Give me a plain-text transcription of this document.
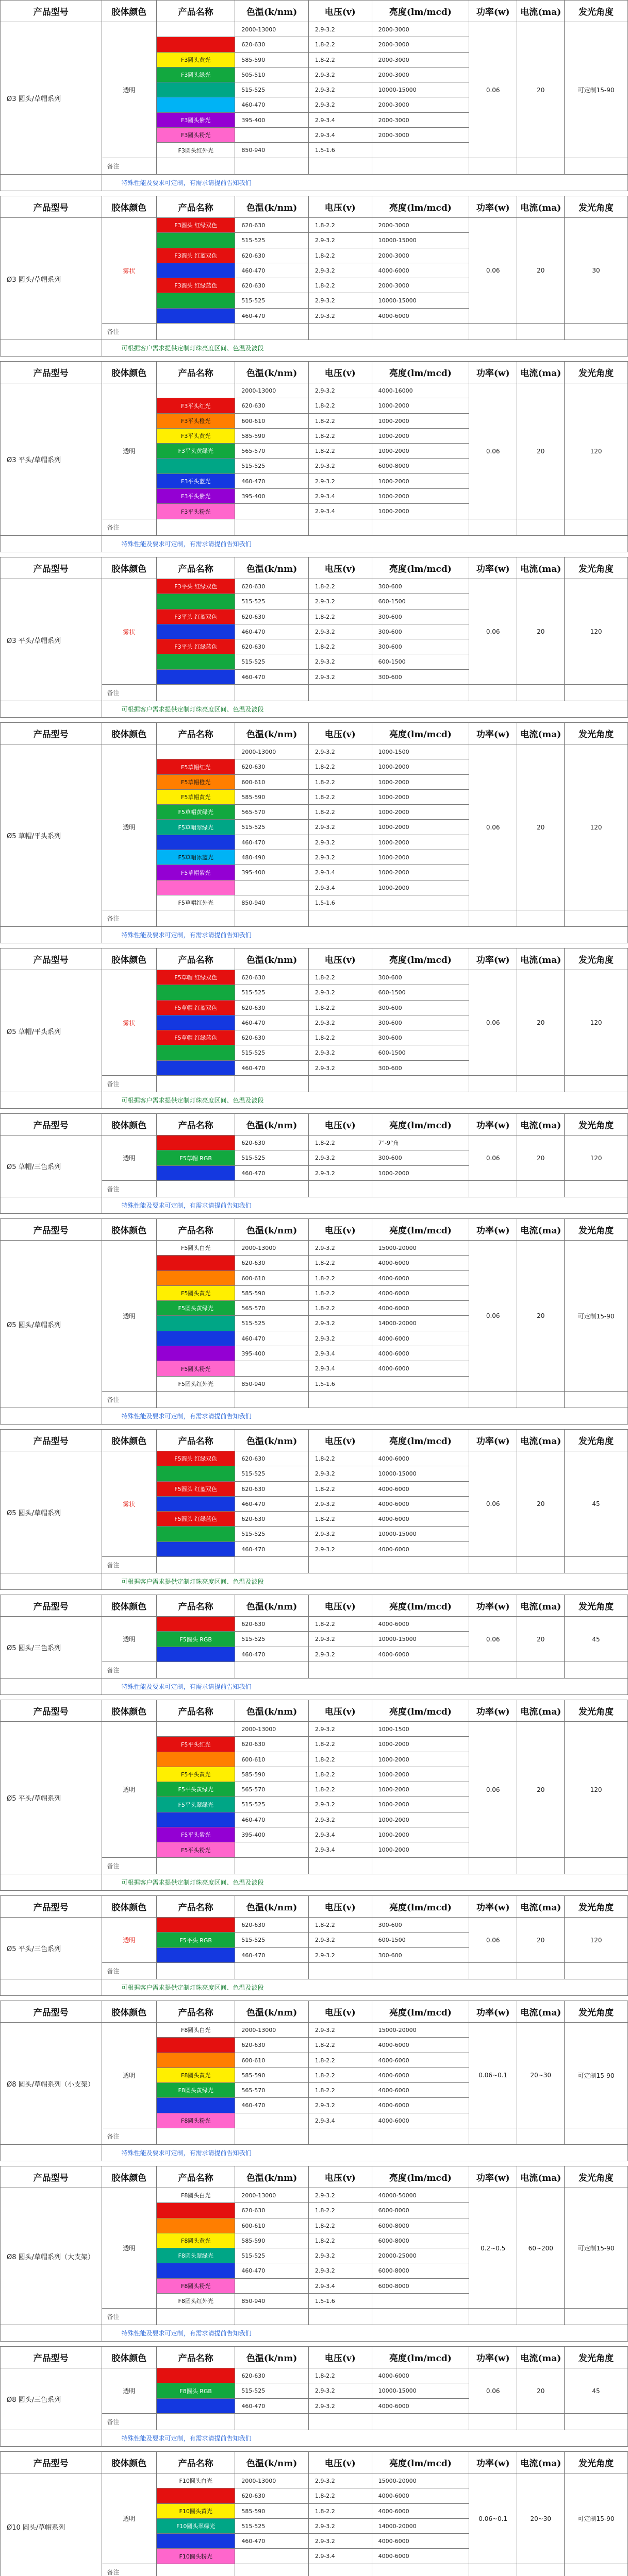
产品型号	胶体颜色	产品名称	色温(k/nm)	电压(v)	亮度(lm/mcd)	功率(w)	电流(ma)	发光角度	
Ø3 圆头/草帽系列	透明		2000-13000	2.9-3.2	2000-3000	0.06	20	可定制15-90	
			620-630	1.8-2.2	2000-3000				
		F3圆头黄光	585-590	1.8-2.2	2000-3000				
		F3圆头绿光	505-510	2.9-3.2	2000-3000				
			515-525	2.9-3.2	10000-15000				
			460-470	2.9-3.2	2000-3000				
		F3圆头紫光	395-400	2.9-3.4	2000-3000				
		F3圆头粉光		2.9-3.4	2000-3000				
		F3圆头红外光	850-940	1.5-1.6					
	备注								
	特殊性能及要求可定制，有需求请提前告知我们								
产品型号	胶体颜色	产品名称	色温(k/nm)	电压(v)	亮度(lm/mcd)	功率(w)	电流(ma)	发光角度	
Ø3 圆头/草帽系列	雾状	F3圆头 红绿双色	620-630	1.8-2.2	2000-3000	0.06	20	30	
			515-525	2.9-3.2	10000-15000				
		F3圆头 红蓝双色	620-630	1.8-2.2	2000-3000				
			460-470	2.9-3.2	4000-6000				
		F3圆头 红绿蓝色	620-630	1.8-2.2	2000-3000				
			515-525	2.9-3.2	10000-15000				
			460-470	2.9-3.2	4000-6000				
	备注								
	可根据客户需求提供定制灯珠亮度区间、色温及波段								
产品型号	胶体颜色	产品名称	色温(k/nm)	电压(v)	亮度(lm/mcd)	功率(w)	电流(ma)	发光角度	
Ø3 平头/草帽系列	透明		2000-13000	2.9-3.2	4000-16000	0.06	20	120	
		F3平头红光	620-630	1.8-2.2	1000-2000				
		F3平头橙光	600-610	1.8-2.2	1000-2000				
		F3平头黄光	585-590	1.8-2.2	1000-2000				
		F3平头黄绿光	565-570	1.8-2.2	1000-2000				
			515-525	2.9-3.2	6000-8000				
		F3平头蓝光	460-470	2.9-3.2	1000-2000				
		F3平头紫光	395-400	2.9-3.4	1000-2000				
		F3平头粉光		2.9-3.4	1000-2000				
	备注								
	特殊性能及要求可定制，有需求请提前告知我们								
产品型号	胶体颜色	产品名称	色温(k/nm)	电压(v)	亮度(lm/mcd)	功率(w)	电流(ma)	发光角度	
Ø3 平头/草帽系列	雾状	F3平头 红绿双色	620-630	1.8-2.2	300-600	0.06	20	120	
			515-525	2.9-3.2	600-1500				
		F3平头 红蓝双色	620-630	1.8-2.2	300-600				
			460-470	2.9-3.2	300-600				
		F3平头 红绿蓝色	620-630	1.8-2.2	300-600				
			515-525	2.9-3.2	600-1500				
			460-470	2.9-3.2	300-600				
	备注								
	可根据客户需求提供定制灯珠亮度区间、色温及波段								
产品型号	胶体颜色	产品名称	色温(k/nm)	电压(v)	亮度(lm/mcd)	功率(w)	电流(ma)	发光角度	
Ø5 草帽/平头系列	透明		2000-13000	2.9-3.2	1000-1500	0.06	20	120	
		F5草帽红光	620-630	1.8-2.2	1000-2000				
		F5草帽橙光	600-610	1.8-2.2	1000-2000				
		F5草帽黄光	585-590	1.8-2.2	1000-2000				
		F5草帽黄绿光	565-570	1.8-2.2	1000-2000				
		F5草帽翠绿光	515-525	2.9-3.2	1000-2000				
			460-470	2.9-3.2	1000-2000				
		F5草帽冰蓝光	480-490	2.9-3.2	1000-2000				
		F5草帽紫光	395-400	2.9-3.4	1000-2000				
				2.9-3.4	1000-2000				
		F5草帽红外光	850-940	1.5-1.6					
	备注								
	特殊性能及要求可定制，有需求请提前告知我们								
产品型号	胶体颜色	产品名称	色温(k/nm)	电压(v)	亮度(lm/mcd)	功率(w)	电流(ma)	发光角度	
Ø5 草帽/平头系列	雾状	F5草帽 红绿双色	620-630	1.8-2.2	300-600	0.06	20	120	
			515-525	2.9-3.2	600-1500				
		F5草帽 红蓝双色	620-630	1.8-2.2	300-600				
			460-470	2.9-3.2	300-600				
		F5草帽 红绿蓝色	620-630	1.8-2.2	300-600				
			515-525	2.9-3.2	600-1500				
			460-470	2.9-3.2	300-600				
	备注								
	可根据客户需求提供定制灯珠亮度区间、色温及波段								
产品型号	胶体颜色	产品名称	色温(k/nm)	电压(v)	亮度(lm/mcd)	功率(w)	电流(ma)	发光角度	
Ø5 草帽/三色系列	透明		620-630	1.8-2.2	7°-9°角	0.06	20	120	
		F5草帽 RGB	515-525	2.9-3.2	300-600				
			460-470	2.9-3.2	1000-2000				
	备注								
	特殊性能及要求可定制，有需求请提前告知我们								
产品型号	胶体颜色	产品名称	色温(k/nm)	电压(v)	亮度(lm/mcd)	功率(w)	电流(ma)	发光角度	
Ø5 圆头/草帽系列	透明	F5圆头白光	2000-13000	2.9-3.2	15000-20000	0.06	20	可定制15-90	
			620-630	1.8-2.2	4000-6000				
			600-610	1.8-2.2	4000-6000				
		F5圆头黄光	585-590	1.8-2.2	4000-6000				
		F5圆头黄绿光	565-570	1.8-2.2	4000-6000				
			515-525	2.9-3.2	14000-20000				
			460-470	2.9-3.2	4000-6000				
			395-400	2.9-3.4	4000-6000				
		F5圆头粉光		2.9-3.4	4000-6000				
		F5圆头红外光	850-940	1.5-1.6					
	备注								
	特殊性能及要求可定制，有需求请提前告知我们								
产品型号	胶体颜色	产品名称	色温(k/nm)	电压(v)	亮度(lm/mcd)	功率(w)	电流(ma)	发光角度	
Ø5 圆头/草帽系列	雾状	F5圆头 红绿双色	620-630	1.8-2.2	4000-6000	0.06	20	45	
			515-525	2.9-3.2	10000-15000				
		F5圆头 红蓝双色	620-630	1.8-2.2	4000-6000				
			460-470	2.9-3.2	4000-6000				
		F5圆头 红绿蓝色	620-630	1.8-2.2	4000-6000				
			515-525	2.9-3.2	10000-15000				
			460-470	2.9-3.2	4000-6000				
	备注								
	可根据客户需求提供定制灯珠亮度区间、色温及波段								
产品型号	胶体颜色	产品名称	色温(k/nm)	电压(v)	亮度(lm/mcd)	功率(w)	电流(ma)	发光角度	
Ø5 圆头/三色系列	透明		620-630	1.8-2.2	4000-6000	0.06	20	45	
		F5圆头 RGB	515-525	2.9-3.2	10000-15000				
			460-470	2.9-3.2	4000-6000				
	备注								
	特殊性能及要求可定制，有需求请提前告知我们								
产品型号	胶体颜色	产品名称	色温(k/nm)	电压(v)	亮度(lm/mcd)	功率(w)	电流(ma)	发光角度	
Ø5 平头/草帽系列	透明		2000-13000	2.9-3.2	1000-1500	0.06	20	120	
		F5平头红光	620-630	1.8-2.2	1000-2000				
			600-610	1.8-2.2	1000-2000				
		F5平头黄光	585-590	1.8-2.2	1000-2000				
		F5平头黄绿光	565-570	1.8-2.2	1000-2000				
		F5平头翠绿光	515-525	2.9-3.2	1000-2000				
			460-470	2.9-3.2	1000-2000				
		F5平头紫光	395-400	2.9-3.4	1000-2000				
		F5平头粉光		2.9-3.4	1000-2000				
	备注								
	可根据客户需求提供定制灯珠亮度区间、色温及波段								
产品型号	胶体颜色	产品名称	色温(k/nm)	电压(v)	亮度(lm/mcd)	功率(w)	电流(ma)	发光角度	
Ø5 平头/三色系列	透明		620-630	1.8-2.2	300-600	0.06	20	120	
		F5平头 RGB	515-525	2.9-3.2	600-1500				
			460-470	2.9-3.2	300-600				
	备注								
	可根据客户需求提供定制灯珠亮度区间、色温及波段								
产品型号	胶体颜色	产品名称	色温(k/nm)	电压(v)	亮度(lm/mcd)	功率(w)	电流(ma)	发光角度	
Ø8 圆头/草帽系列（小支架）	透明	F8圆头白光	2000-13000	2.9-3.2	15000-20000	0.06~0.1	20~30	可定制15-90	
			620-630	1.8-2.2	4000-6000				
			600-610	1.8-2.2	4000-6000				
		F8圆头黄光	585-590	1.8-2.2	4000-6000				
		F8圆头黄绿光	565-570	1.8-2.2	4000-6000				
			460-470	2.9-3.2	4000-6000				
		F8圆头粉光		2.9-3.4	4000-6000				
	备注								
	特殊性能及要求可定制，有需求请提前告知我们								
产品型号	胶体颜色	产品名称	色温(k/nm)	电压(v)	亮度(lm/mcd)	功率(w)	电流(ma)	发光角度	
Ø8 圆头/草帽系列（大支架）	透明	F8圆头白光	2000-13000	2.9-3.2	40000-50000	0.2~0.5	60~200	可定制15-90	
			620-630	1.8-2.2	6000-8000				
			600-610	1.8-2.2	6000-8000				
		F8圆头黄光	585-590	1.8-2.2	6000-8000				
		F8圆头翠绿光	515-525	2.9-3.2	20000-25000				
			460-470	2.9-3.2	6000-8000				
		F8圆头粉光		2.9-3.4	6000-8000				
		F8圆头红外光	850-940	1.5-1.6					
	备注								
	特殊性能及要求可定制，有需求请提前告知我们								
产品型号	胶体颜色	产品名称	色温(k/nm)	电压(v)	亮度(lm/mcd)	功率(w)	电流(ma)	发光角度	
Ø8 圆头/三色系列	透明		620-630	1.8-2.2	4000-6000	0.06	20	45	
		F8圆头 RGB	515-525	2.9-3.2	10000-15000				
			460-470	2.9-3.2	4000-6000				
	备注								
	特殊性能及要求可定制，有需求请提前告知我们								
产品型号	胶体颜色	产品名称	色温(k/nm)	电压(v)	亮度(lm/mcd)	功率(w)	电流(ma)	发光角度	
Ø10 圆头/草帽系列	透明	F10圆头白光	2000-13000	2.9-3.2	15000-20000	0.06~0.1	20~30	可定制15-90	
			620-630	1.8-2.2	4000-6000				
		F10圆头黄光	585-590	1.8-2.2	4000-6000				
		F10圆头翠绿光	515-525	2.9-3.2	14000-20000				
			460-470	2.9-3.2	4000-6000				
		F10圆头粉光		2.9-3.4	4000-6000				
	备注								
